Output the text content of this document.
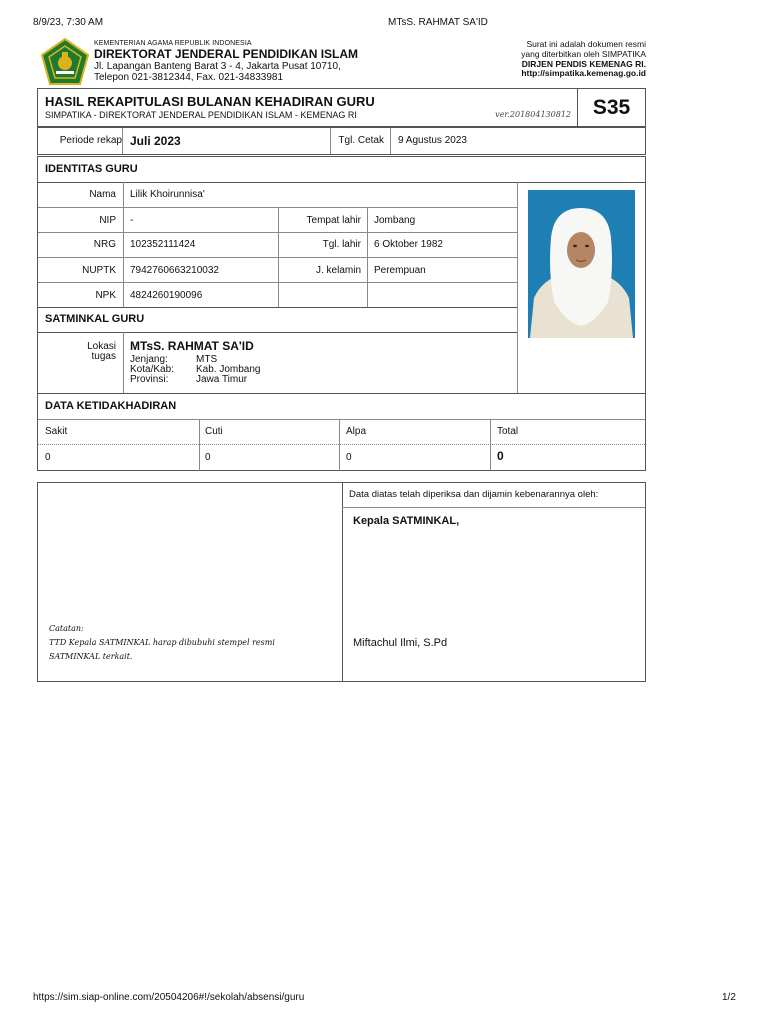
8/9/23, 7:30 AM	MTsS. RAHMAT SA'ID
https://sim.siap-online.com/20504206#!/sekolah/absensi/guru	1/2
KEMENTERIAN AGAMA REPUBLIK INDONESIA
DIREKTORAT JENDERAL PENDIDIKAN ISLAM
Jl. Lapangan Banteng Barat 3 - 4, Jakarta Pusat 10710,
Telepon 021-3812344, Fax. 021-34833981
Surat ini adalah dokumen resmi
yang diterbitkan oleh SIMPATIKA
DIRJEN PENDIS KEMENAG RI.
http://simpatika.kemenag.go.id
HASIL REKAPITULASI BULANAN KEHADIRAN GURU
SIMPATIKA - DIREKTORAT JENDERAL PENDIDIKAN ISLAM - KEMENAG RI	ver.201804130812	S35
Periode rekap Juli 2023	Tgl. Cetak 9 Agustus 2023
IDENTITAS GURU
Nama Lilik Khoirunnisa'
NIP -	Tempat lahir Jombang
NRG 102352111424	Tgl. lahir 6 Oktober 1982
NUPTK 7942760663210032	J. kelamin Perempuan
NPK 4824260190096
SATMINKAL GURU
Lokasi
tugas
MTsS. RAHMAT SA'ID
Jenjang:	MTS
Kota/Kab: Kab. Jombang
Provinsi:	Jawa Timur
DATA KETIDAKHADIRAN
Sakit	Cuti	Alpa	Total
0	0	0	0
Data diatas telah diperiksa dan dijamin kebenarannya oleh:
Kepala SATMINKAL,
Miftachul Ilmi, S.Pd
Catatan:
TTD Kepala SATMINKAL harap dibubuhi stempel resmi
SATMINKAL terkait.
